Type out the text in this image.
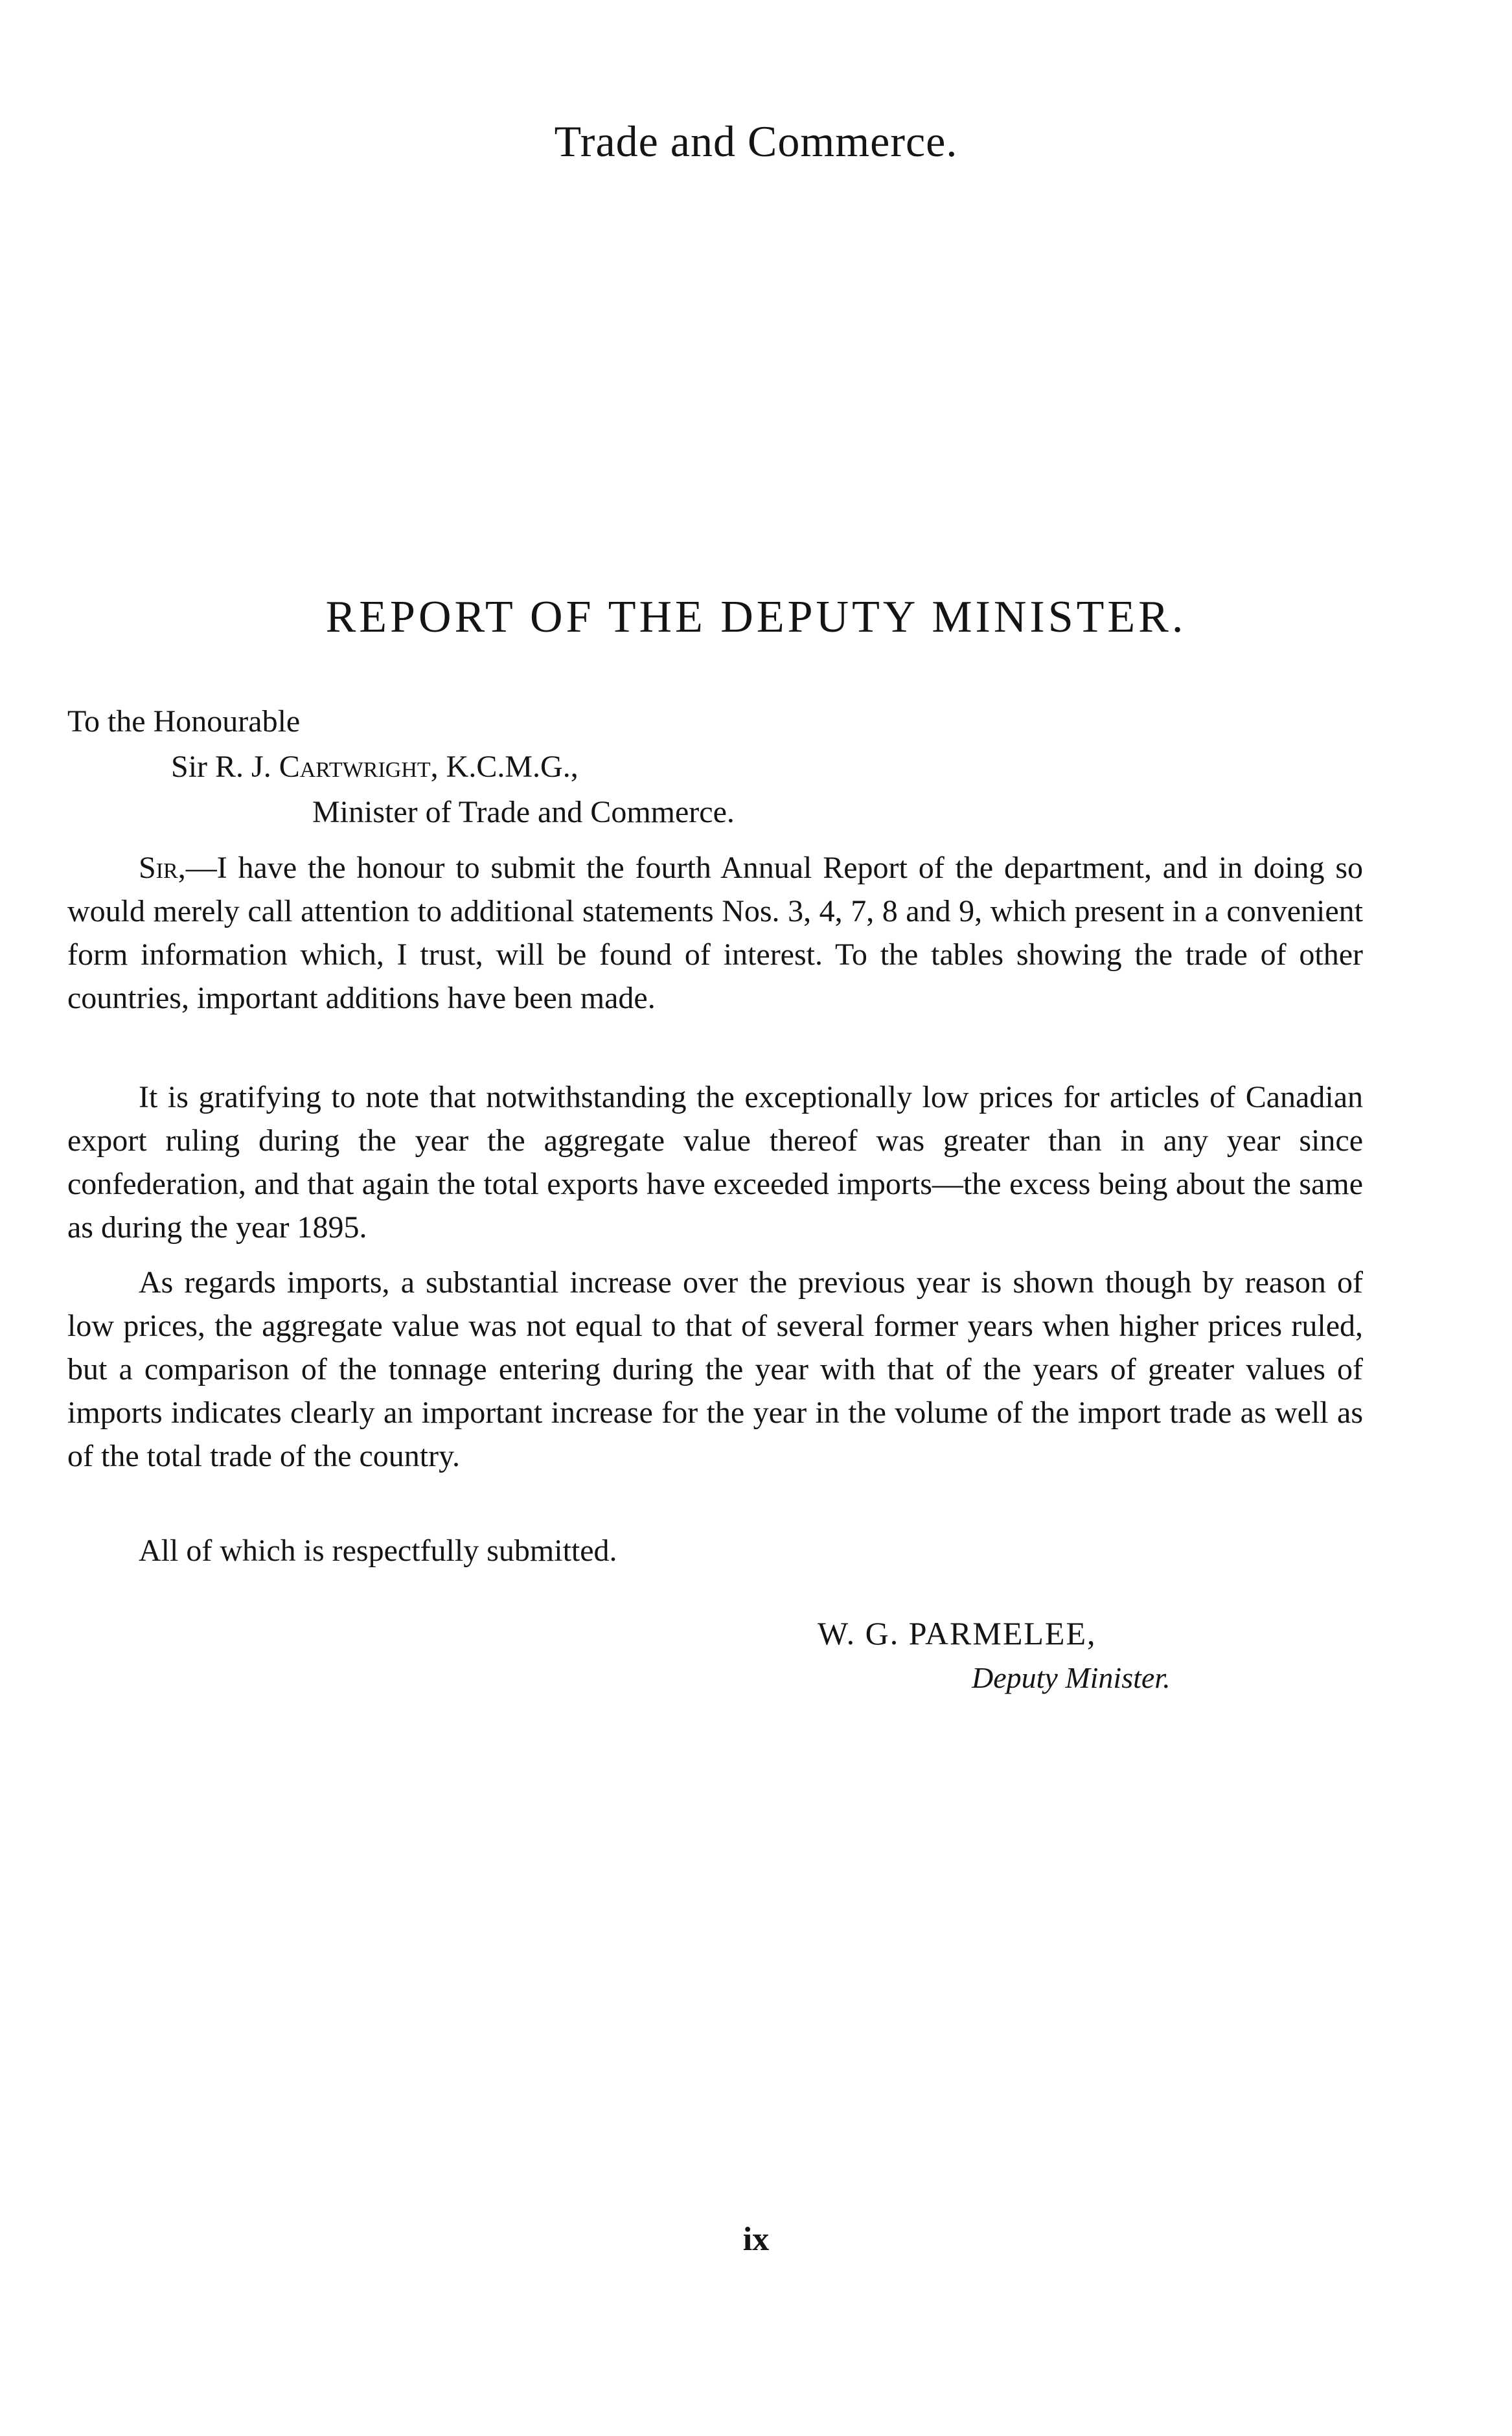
Trade and Commerce.
REPORT OF THE DEPUTY MINISTER.
To the Honourable
Sir R. J. Cartwright, K.C.M.G.,
Minister of Trade and Commerce.

Sir,—I have the honour to submit the fourth Annual Report of the department, and in doing so would merely call attention to additional statements Nos. 3, 4, 7, 8 and 9, which present in a convenient form information which, I trust, will be found of interest. To the tables showing the trade of other countries, important additions have been made.

It is gratifying to note that notwithstanding the exceptionally low prices for articles of Canadian export ruling during the year the aggregate value thereof was greater than in any year since confederation, and that again the total exports have exceeded imports—the excess being about the same as during the year 1895.

As regards imports, a substantial increase over the previous year is shown though by reason of low prices, the aggregate value was not equal to that of several former years when higher prices ruled, but a comparison of the tonnage entering during the year with that of the years of greater values of imports indicates clearly an important increase for the year in the volume of the import trade as well as of the total trade of the country.

All of which is respectfully submitted.

W. G. PARMELEE,
Deputy Minister.
ix
